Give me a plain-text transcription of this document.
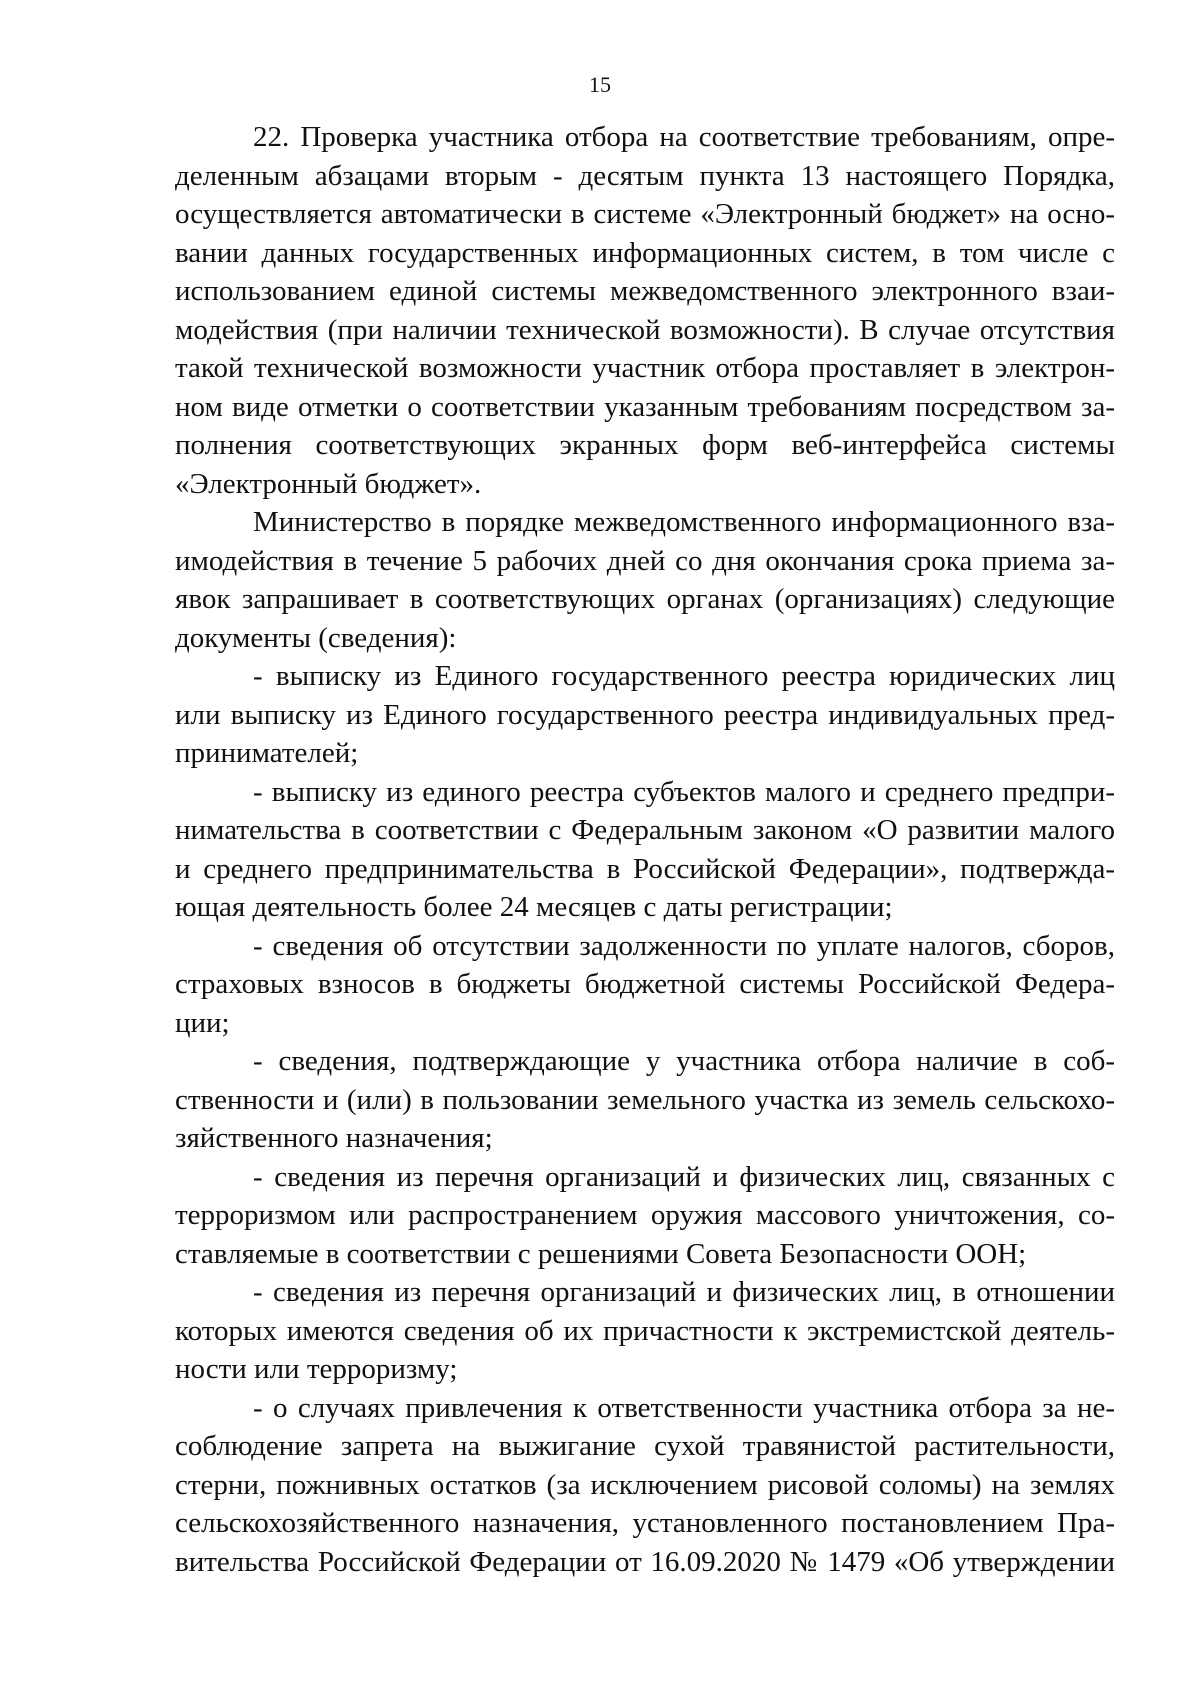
15
22. Проверка участника отбора на соответствие требованиям, опре-
деленным абзацами вторым - десятым пункта 13 настоящего Порядка,
осуществляется автоматически в системе «Электронный бюджет» на осно-
вании данных государственных информационных систем, в том числе с
использованием единой системы межведомственного электронного взаи-
модействия (при наличии технической возможности). В случае отсутствия
такой технической возможности участник отбора проставляет в электрон-
ном виде отметки о соответствии указанным требованиям посредством за-
полнения соответствующих экранных форм веб-интерфейса системы
«Электронный бюджет».
Министерство в порядке межведомственного информационного вза-
имодействия в течение 5 рабочих дней со дня окончания срока приема за-
явок запрашивает в соответствующих органах (организациях) следующие
документы (сведения):
- выписку из Единого государственного реестра юридических лиц
или выписку из Единого государственного реестра индивидуальных пред-
принимателей;
- выписку из единого реестра субъектов малого и среднего предпри-
нимательства в соответствии с Федеральным законом «О развитии малого
и среднего предпринимательства в Российской Федерации», подтвержда-
ющая деятельность более 24 месяцев с даты регистрации;
- сведения об отсутствии задолженности по уплате налогов, сборов,
страховых взносов в бюджеты бюджетной системы Российской Федера-
ции;
- сведения, подтверждающие у участника отбора наличие в соб-
ственности и (или) в пользовании земельного участка из земель сельскохо-
зяйственного назначения;
- сведения из перечня организаций и физических лиц, связанных с
терроризмом или распространением оружия массового уничтожения, со-
ставляемые в соответствии с решениями Совета Безопасности ООН;
- сведения из перечня организаций и физических лиц, в отношении
которых имеются сведения об их причастности к экстремистской деятель-
ности или терроризму;
- о случаях привлечения к ответственности участника отбора за не-
соблюдение запрета на выжигание сухой травянистой растительности,
стерни, пожнивных остатков (за исключением рисовой соломы) на землях
сельскохозяйственного назначения, установленного постановлением Пра-
вительства Российской Федерации от 16.09.2020 № 1479 «Об утверждении
